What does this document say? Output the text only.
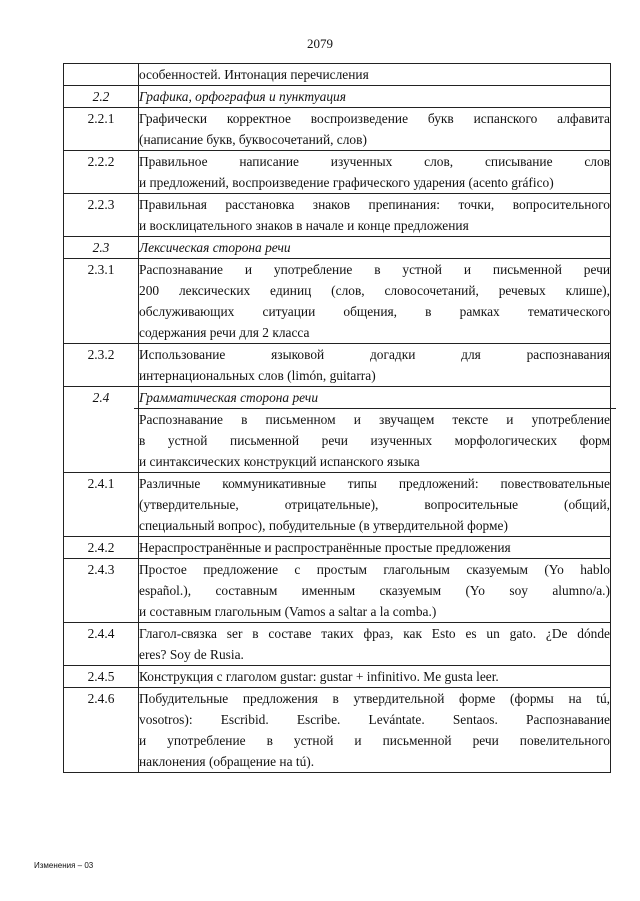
2079

	особенностей. Интонация перечисления

2.2	Графика, орфография и пунктуация

2.2.1	Графически корректное воспроизведение букв испанского алфавита
(написание букв, буквосочетаний, слов)

2.2.2	Правильное написание изученных слов, списывание слов
и предложений, воспроизведение графического ударения (acento gráfico)

2.2.3	Правильная расстановка знаков препинания: точки, вопросительного
и восклицательного знаков в начале и конце предложения

2.3	Лексическая сторона речи

2.3.1	Распознавание и употребление в устной и письменной речи
200 лексических единиц (слов, словосочетаний, речевых клише),
обслуживающих ситуации общения, в рамках тематического
содержания речи для 2 класса

2.3.2	Использование языковой догадки для распознавания
интернациональных слов (limón, guitarra)

2.4	Грамматическая сторона речи
Распознавание в письменном и звучащем тексте и употребление
в устной письменной речи изученных морфологических форм
и синтаксических конструкций испанского языка

2.4.1	Различные коммуникативные типы предложений: повествовательные
(утвердительные, отрицательные), вопросительные (общий,
специальный вопрос), побудительные (в утвердительной форме)

2.4.2	Нераспространённые и распространённые простые предложения

2.4.3	Простое предложение с простым глагольным сказуемым (Yo hablo
español.), составным именным сказуемым (Yo soy alumno/a.)
и составным глагольным (Vamos a saltar a la comba.)

2.4.4	Глагол-связка ser в составе таких фраз, как Esto es un gato. ¿De dónde
eres? Soy de Rusia.

2.4.5	Конструкция с глаголом gustar: gustar + infinitivo. Me gusta leer.

2.4.6	Побудительные предложения в утвердительной форме (формы на tú,
vosotros): Escribid. Escribe. Levántate. Sentaos. Распознавание
и употребление в устной и письменной речи повелительного
наклонения (обращение на tú).
Изменения – 03
